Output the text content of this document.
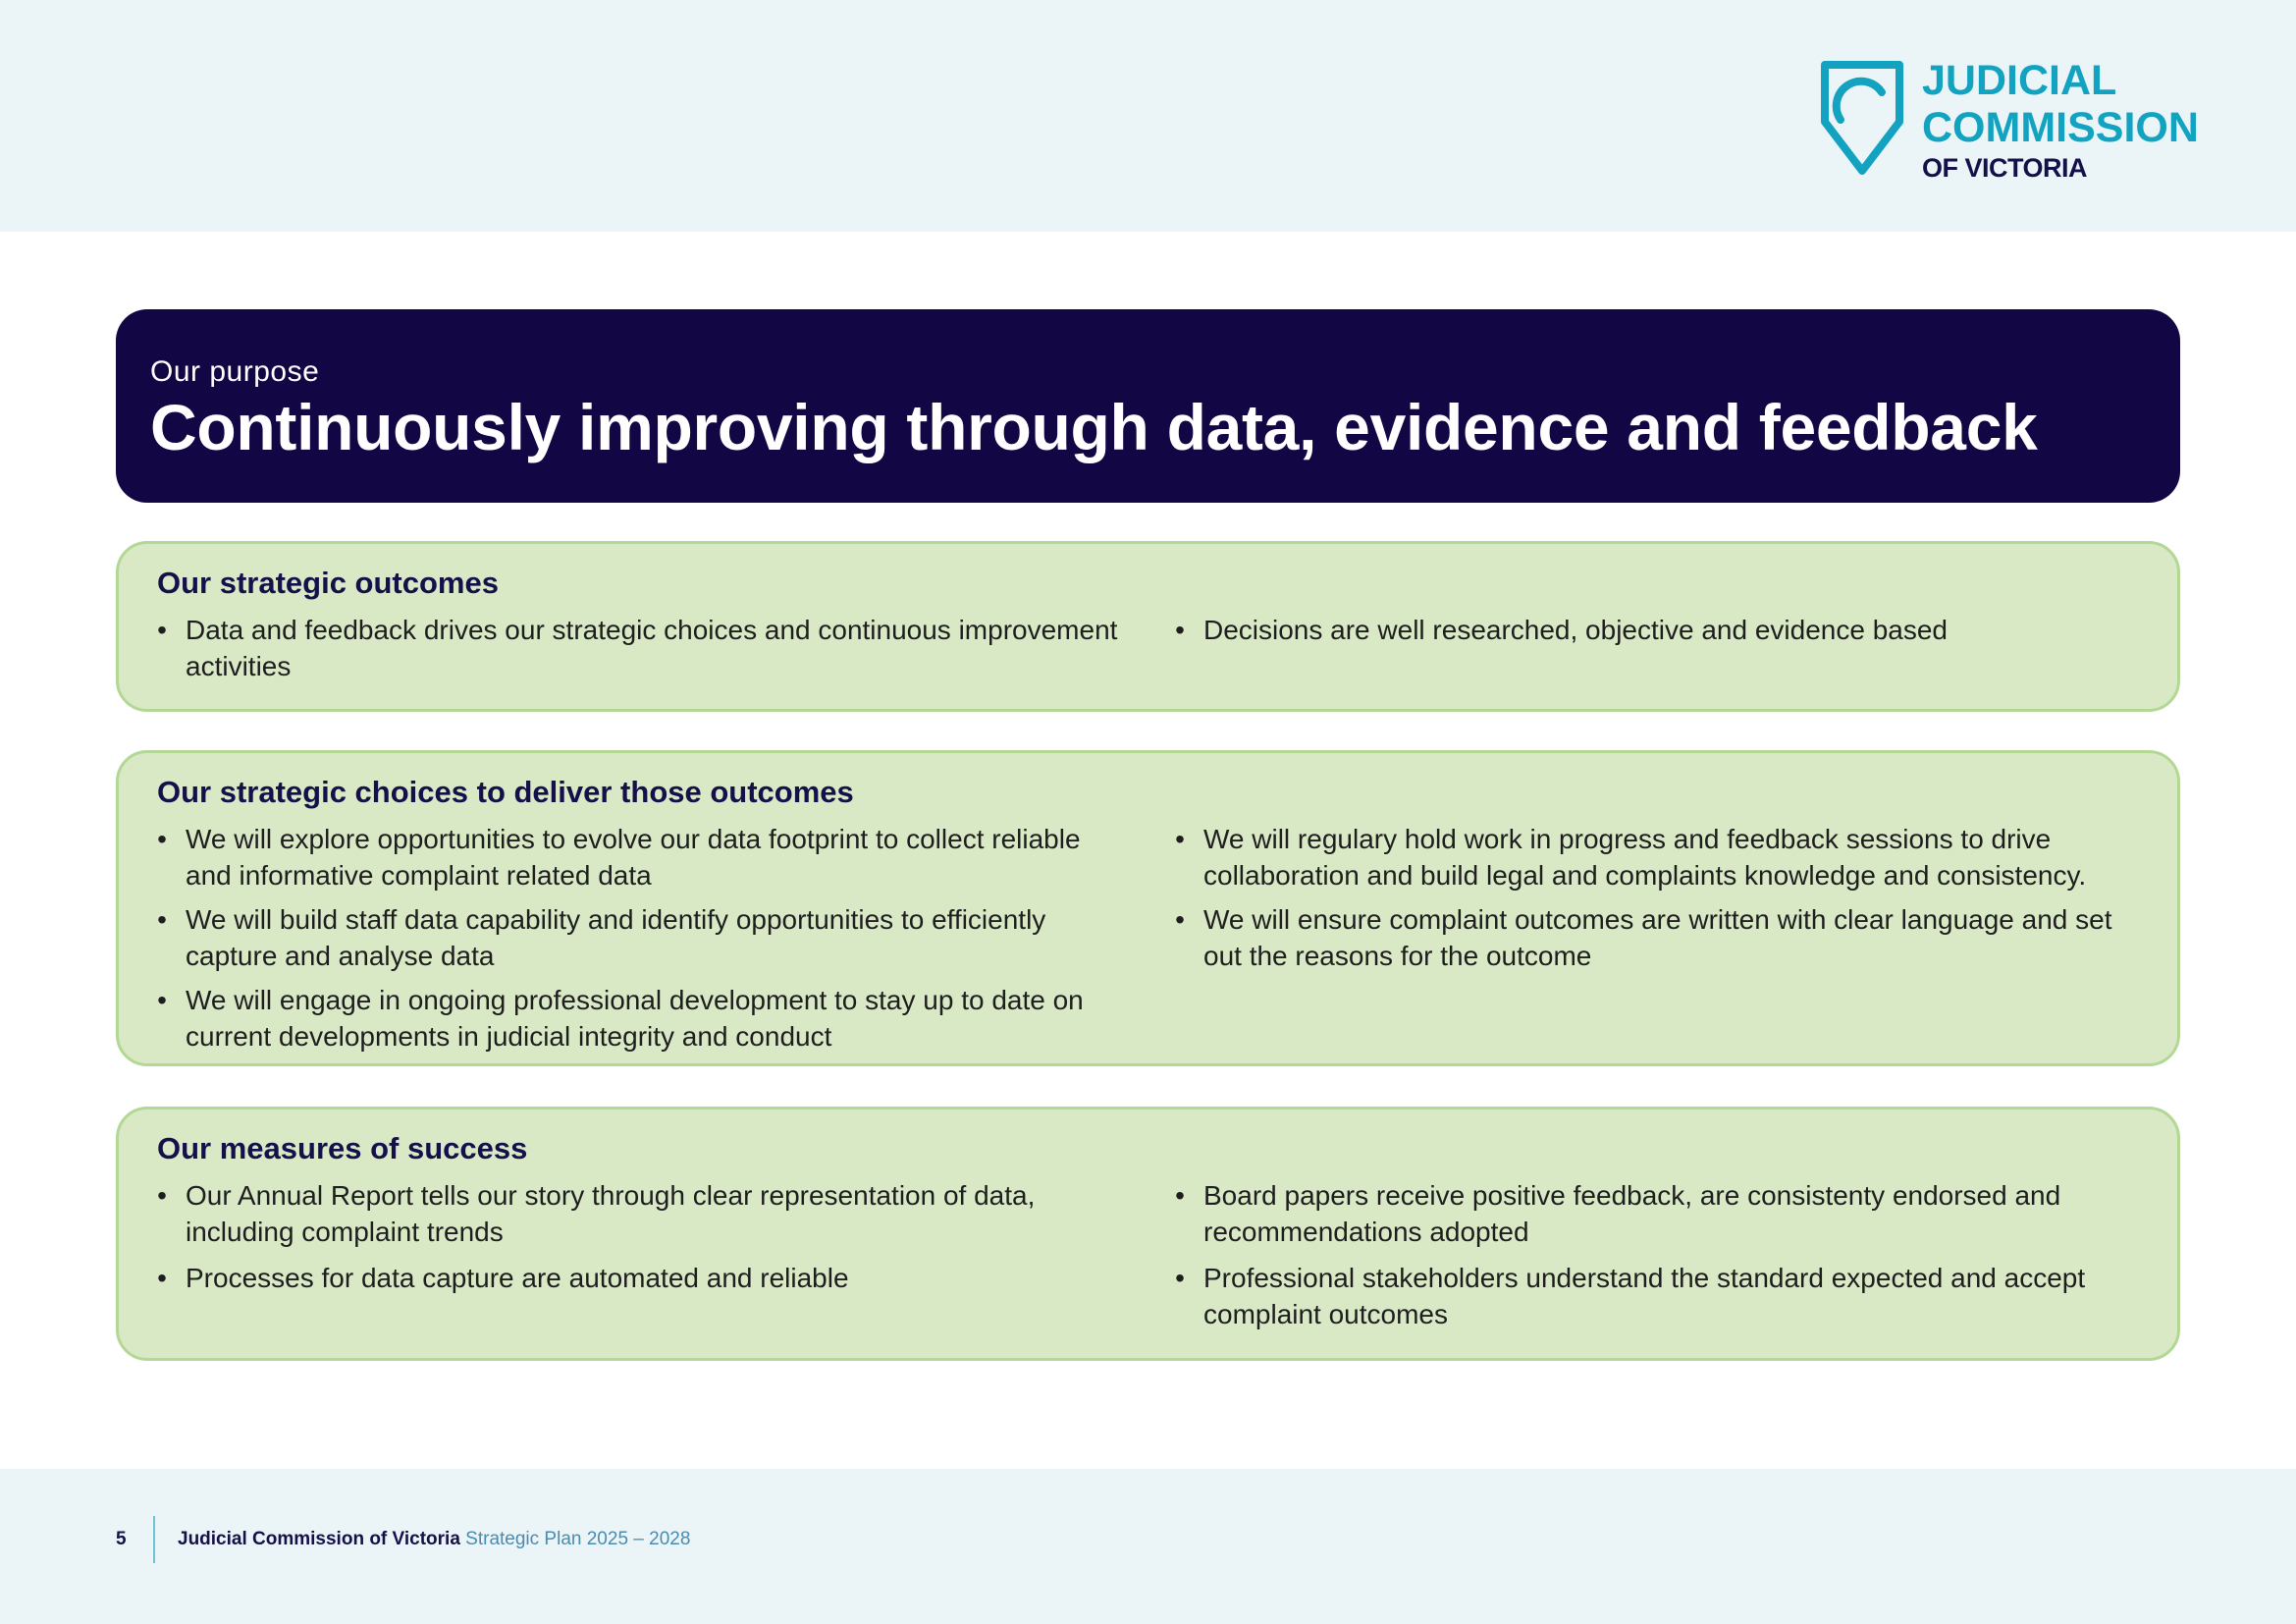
JUDICIAL
COMMISSION
OF VICTORIA
Our purpose
Continuously improving through data, evidence and feedback
Our strategic outcomes
• Data and feedback drives our strategic choices and continuous improvement activities
• Decisions are well researched, objective and evidence based
Our strategic choices to deliver those outcomes
• We will explore opportunities to evolve our data footprint to collect reliable and informative complaint related data
• We will build staff data capability and identify opportunities to efficiently capture and analyse data
• We will engage in ongoing professional development to stay up to date on current developments in judicial integrity and conduct
• We will regulary hold work in progress and feedback sessions to drive collaboration and build legal and complaints knowledge and consistency.
• We will ensure complaint outcomes are written with clear language and set out the reasons for the outcome
Our measures of success
• Our Annual Report tells our story through clear representation of data, including complaint trends
• Processes for data capture are automated and reliable
• Board papers receive positive feedback, are consistenty endorsed and recommendations adopted
• Professional stakeholders understand the standard expected and accept complaint outcomes
5	Judicial Commission of Victoria Strategic Plan 2025 – 2028
